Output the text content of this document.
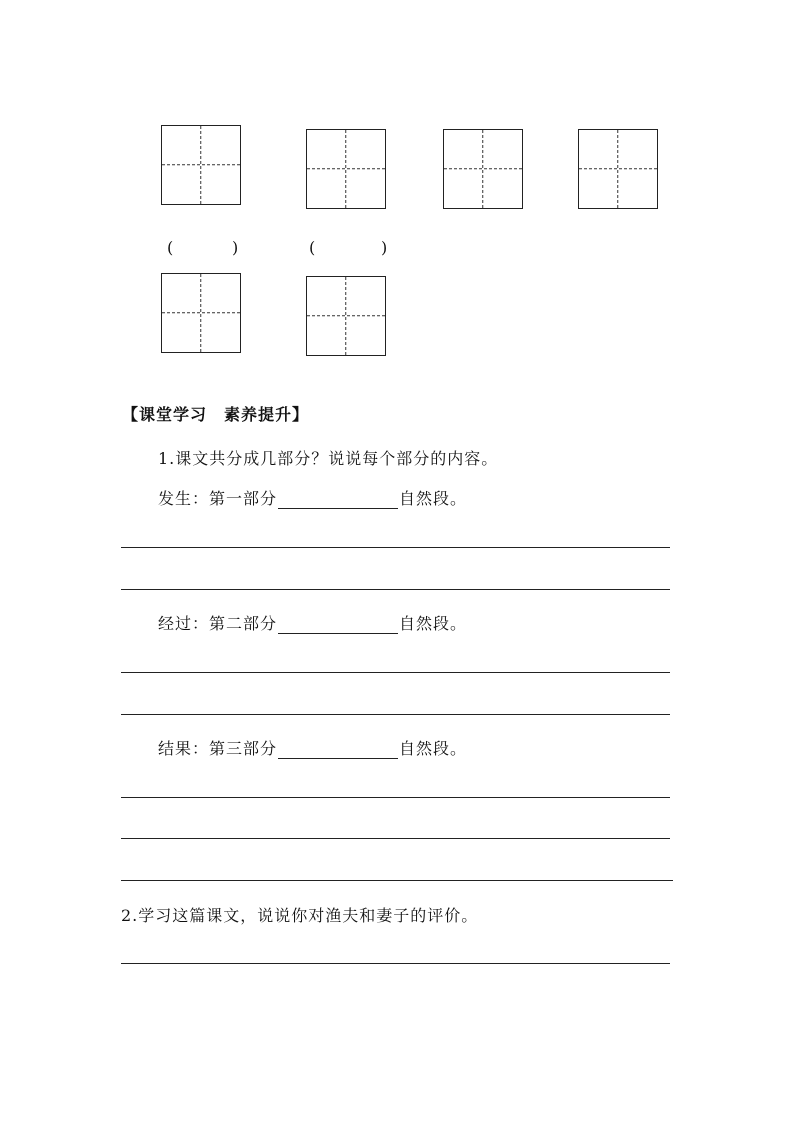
(	)	(	)
【课堂学习　素养提升】
1.课文共分成几部分？说说每个部分的内容。
发生：第一部分	自然段。
经过：第二部分	自然段。
结果：第三部分	自然段。
2.学习这篇课文，说说你对渔夫和妻子的评价。
